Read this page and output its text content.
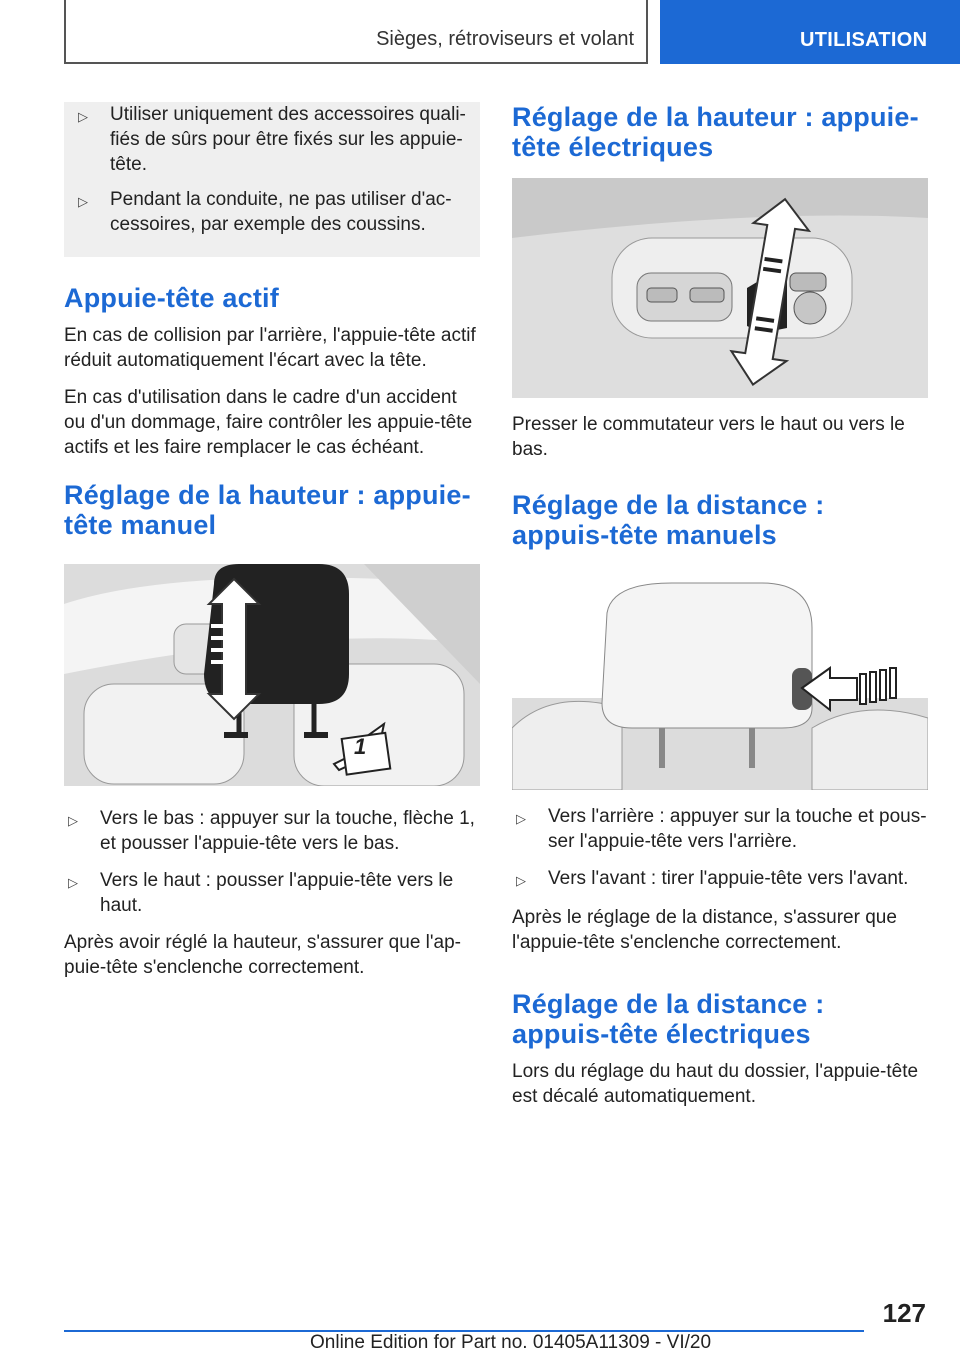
Sièges, rétroviseurs et volant	UTILISATION
▷	Utiliser uniquement des accessoires quali-fiés de sûrs pour être fixés sur les appuie-tête.
▷	Pendant la conduite, ne pas utiliser d'ac-cessoires, par exemple des coussins.
Appuie-tête actif

En cas de collision par l'arrière, l'appuie-tête actif réduit automatiquement l'écart avec la tête.

En cas d'utilisation dans le cadre d'un accident ou d'un dommage, faire contrôler les appuie-tête actifs et les faire remplacer le cas échéant.

Réglage de la hauteur : appuie-tête manuel
1
▷	Vers le bas : appuyer sur la touche, flèche 1, et pousser l'appuie-tête vers le bas.
▷	Vers le haut : pousser l'appuie-tête vers le haut.

Après avoir réglé la hauteur, s'assurer que l'ap-puie-tête s'enclenche correctement.

Réglage de la hauteur : appuie-tête électriques

Presser le commutateur vers le haut ou vers le bas.

Réglage de la distance : appuis-tête manuels
▷	Vers l'arrière : appuyer sur la touche et pous-ser l'appuie-tête vers l'arrière.
▷	Vers l'avant : tirer l'appuie-tête vers l'avant.

Après le réglage de la distance, s'assurer que l'appuie-tête s'enclenche correctement.

Réglage de la distance : appuis-tête électriques

Lors du réglage du haut du dossier, l'appuie-tête est décalé automatiquement.

127
Online Edition for Part no. 01405A11309 - VI/20
